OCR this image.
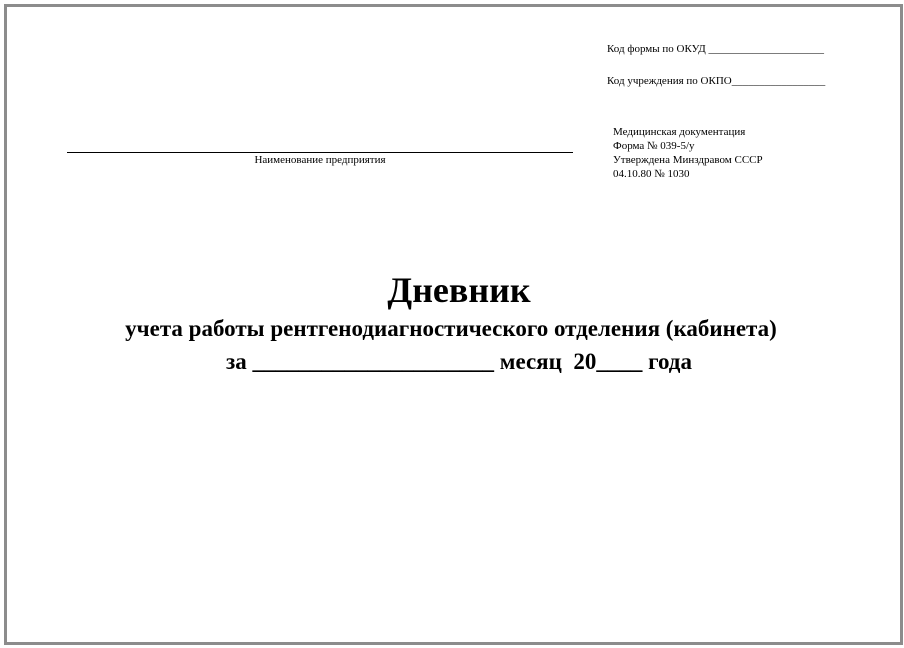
Код формы по ОКУД _____________________
Код учреждения по ОКПО_________________
Медицинская документация
Форма № 039-5/у
Утверждена Минздравом СССР
04.10.80 № 1030
Наименование предприятия
Дневник
учета работы рентгенодиагностического отделения (кабинета)
за _____________________ месяц  20____ года
